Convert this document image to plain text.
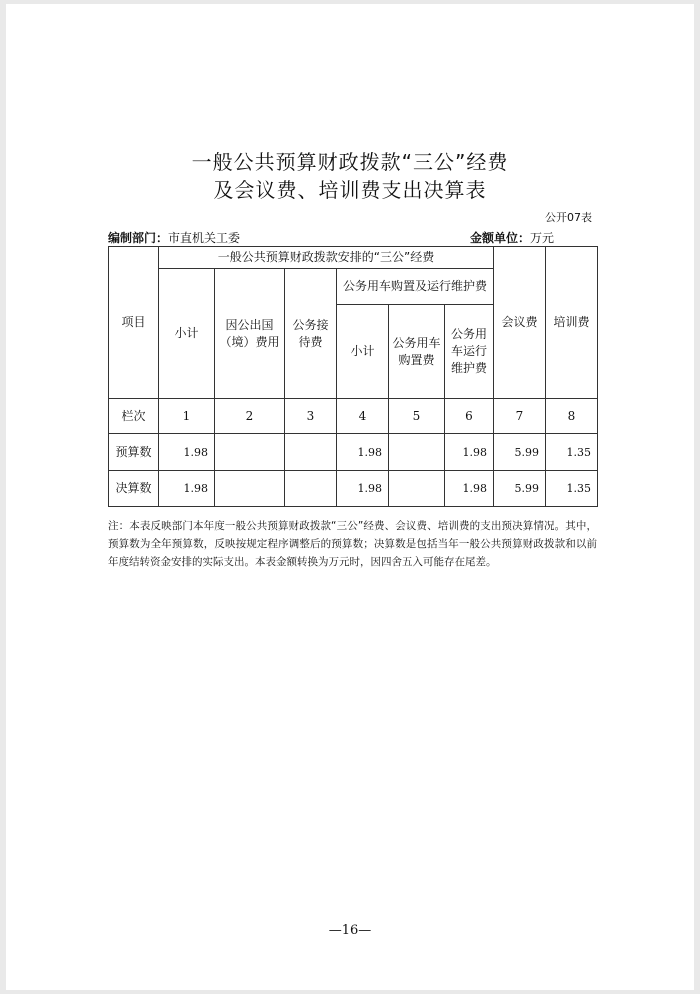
一般公共预算财政拨款“三公”经费
及会议费、培训费支出决算表
公开07表
编制部门：市直机关工委	金额单位：万元
项目	一般公共预算财政拨款安排的“三公”经费						会议费	培训费
	小计	因公出国（境）费用	公务接待费	公务用车购置及运行维护费				
				小计	公务用车购置费	公务用车运行维护费		
栏次	1	2	3	4	5	6	7	8
预算数	1.98			1.98		1.98	5.99	1.35
决算数	1.98			1.98		1.98	5.99	1.35
注：本表反映部门本年度一般公共预算财政拨款“三公”经费、会议费、培训费的支出预决算情况。其中，预算数为全年预算数，反映按规定程序调整后的预算数；决算数是包括当年一般公共预算财政拨款和以前年度结转资金安排的实际支出。本表金额转换为万元时，因四舍五入可能存在尾差。
—16—
